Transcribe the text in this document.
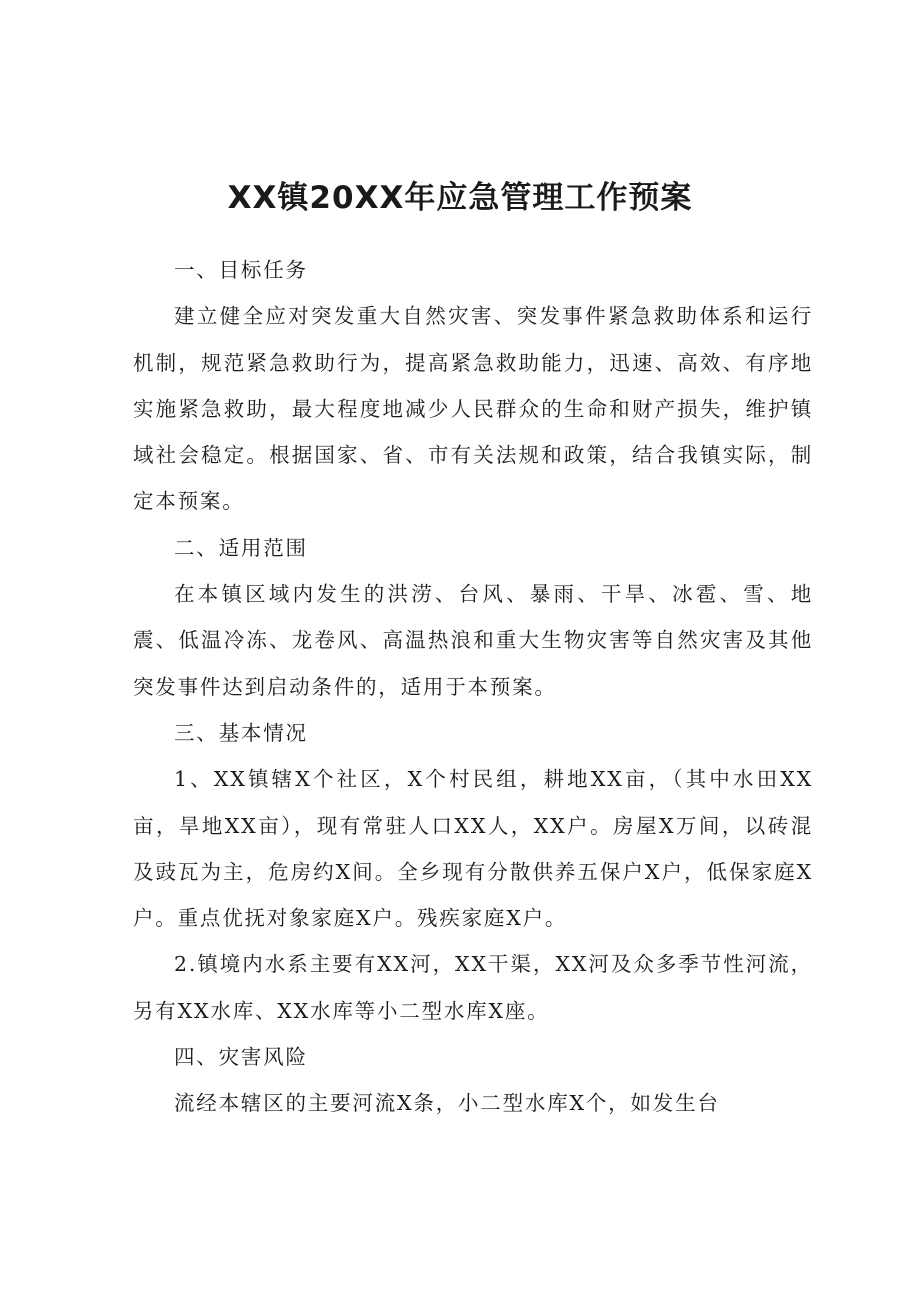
XX镇20XX年应急管理工作预案

一、目标任务

建立健全应对突发重大自然灾害、突发事件紧急救助体系和运行机制，规范紧急救助行为，提高紧急救助能力，迅速、高效、有序地实施紧急救助，最大程度地减少人民群众的生命和财产损失，维护镇域社会稳定。根据国家、省、市有关法规和政策，结合我镇实际，制定本预案。

二、适用范围

在本镇区域内发生的洪涝、台风、暴雨、干旱、冰雹、雪、地震、低温冷冻、龙卷风、高温热浪和重大生物灾害等自然灾害及其他突发事件达到启动条件的，适用于本预案。

三、基本情况

1、XX镇辖X个社区，X个村民组，耕地XX亩，（其中水田XX亩，旱地XX亩），现有常驻人口XX人，XX户。房屋X万间，以砖混及豉瓦为主，危房约X间。全乡现有分散供养五保户X户，低保家庭X户。重点优抚对象家庭X户。残疾家庭X户。

2.镇境内水系主要有XX河，XX干渠，XX河及众多季节性河流，另有XX水库、XX水库等小二型水库X座。

四、灾害风险

流经本辖区的主要河流X条，小二型水库X个，如发生台
